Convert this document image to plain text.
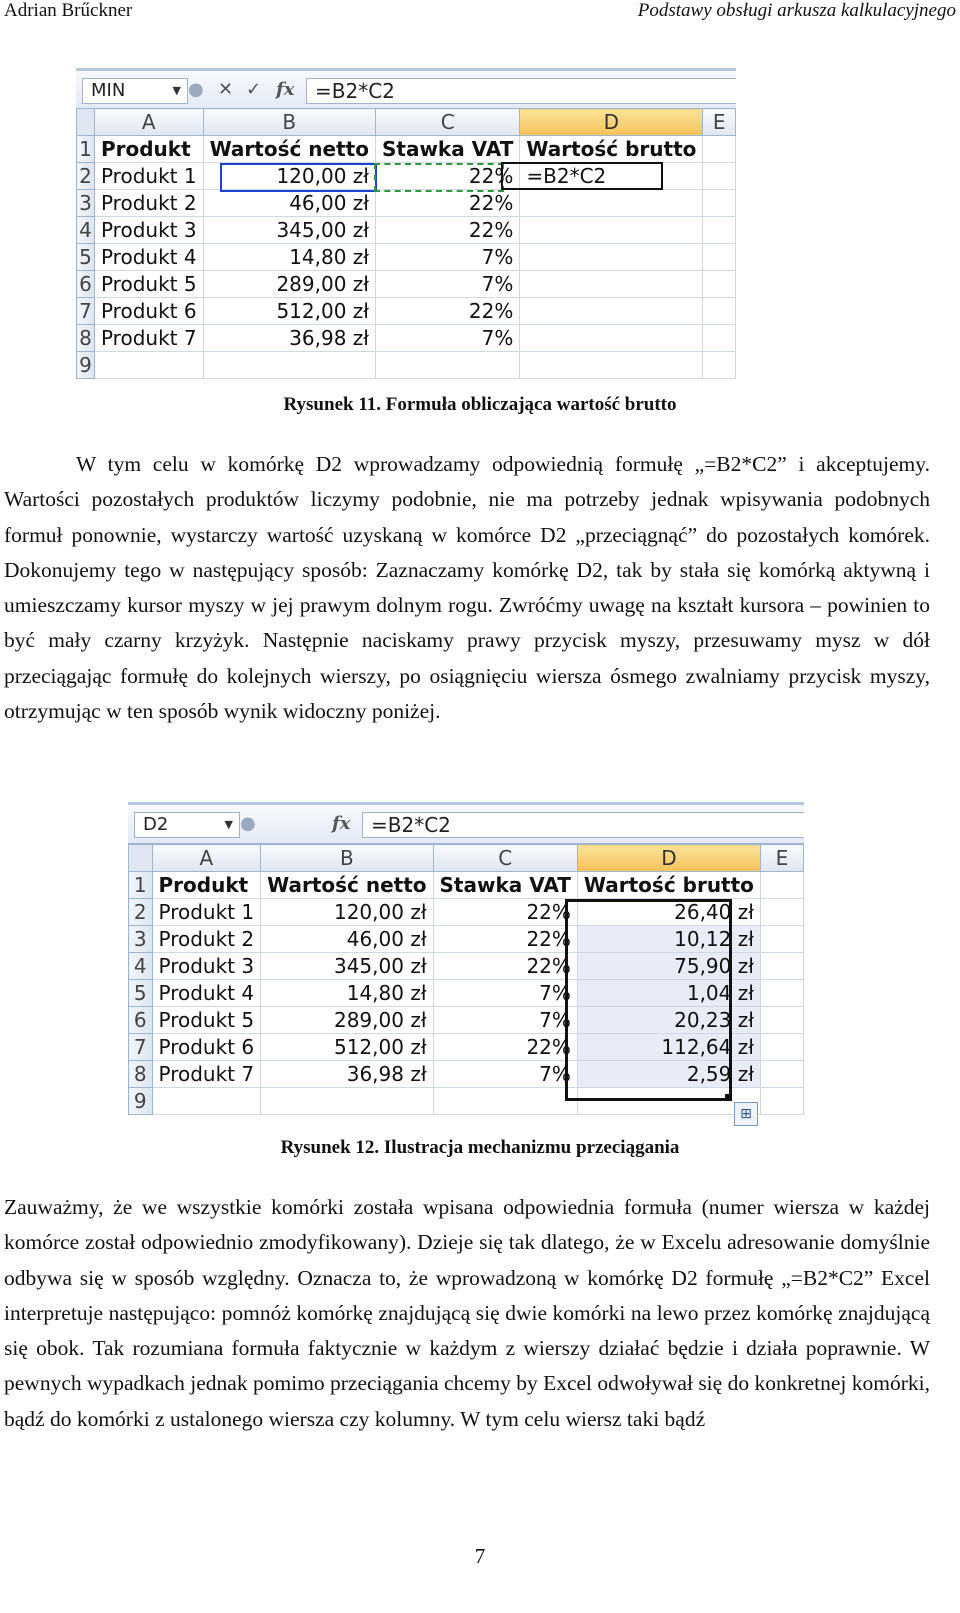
Adrian Brűckner	Podstawy obsługi arkusza kalkulacyjnego
MIN	▼ ● ✕ ✓ fx	=B2*C2
	A	B	C	D	E
1	Produkt	Wartość netto	Stawka VAT	Wartość brutto	
2	Produkt 1	120,00 zł	22%	=B2*C2	
3	Produkt 2	46,00 zł	22%		
4	Produkt 3	345,00 zł	22%		
5	Produkt 4	14,80 zł	7%		
6	Produkt 5	289,00 zł	7%		
7	Produkt 6	512,00 zł	22%		
8	Produkt 7	36,98 zł	7%		
9					
Rysunek 11. Formuła obliczająca wartość brutto

W tym celu w komórkę D2 wprowadzamy odpowiednią formułę „=B2*C2” i akceptujemy. Wartości pozostałych produktów liczymy podobnie, nie ma potrzeby jednak wpisywania podobnych formuł ponownie, wystarczy wartość uzyskaną w komórce D2 „przeciągnąć” do pozostałych komórek. Dokonujemy tego w następujący sposób: Zaznaczamy komórkę D2, tak by stała się komórką aktywną i umieszczamy kursor myszy w jej prawym dolnym rogu. Zwróćmy uwagę na kształt kursora – powinien to być mały czarny krzyżyk. Następnie naciskamy prawy przycisk myszy, przesuwamy mysz w dół przeciągając formułę do kolejnych wierszy, po osiągnięciu wiersza ósmego zwalniamy przycisk myszy, otrzymując w ten sposób wynik widoczny poniżej.

D2	▼ ●	fx	=B2*C2
	A	B	C	D	E
1	Produkt	Wartość netto	Stawka VAT	Wartość brutto	
2	Produkt 1	120,00 zł	22%	26,40 zł	
3	Produkt 2	46,00 zł	22%	10,12 zł	
4	Produkt 3	345,00 zł	22%	75,90 zł	
5	Produkt 4	14,80 zł	7%	1,04 zł	
6	Produkt 5	289,00 zł	7%	20,23 zł	
7	Produkt 6	512,00 zł	22%	112,64 zł	
8	Produkt 7	36,98 zł	7%	2,59 zł	
9					
⊞
Rysunek 12. Ilustracja mechanizmu przeciągania

Zauważmy, że we wszystkie komórki została wpisana odpowiednia formuła (numer wiersza w każdej komórce został odpowiednio zmodyfikowany). Dzieje się tak dlatego, że w Excelu adresowanie domyślnie odbywa się w sposób względny. Oznacza to, że wprowadzoną w komórkę D2 formułę „=B2*C2” Excel interpretuje następująco: pomnóż komórkę znajdującą się dwie komórki na lewo przez komórkę znajdującą się obok. Tak rozumiana formuła faktycznie w każdym z wierszy działać będzie i działa poprawnie. W pewnych wypadkach jednak pomimo przeciągania chcemy by Excel odwoływał się do konkretnej komórki, bądź do komórki z ustalonego wiersza czy kolumny. W tym celu wiersz taki bądź

7
